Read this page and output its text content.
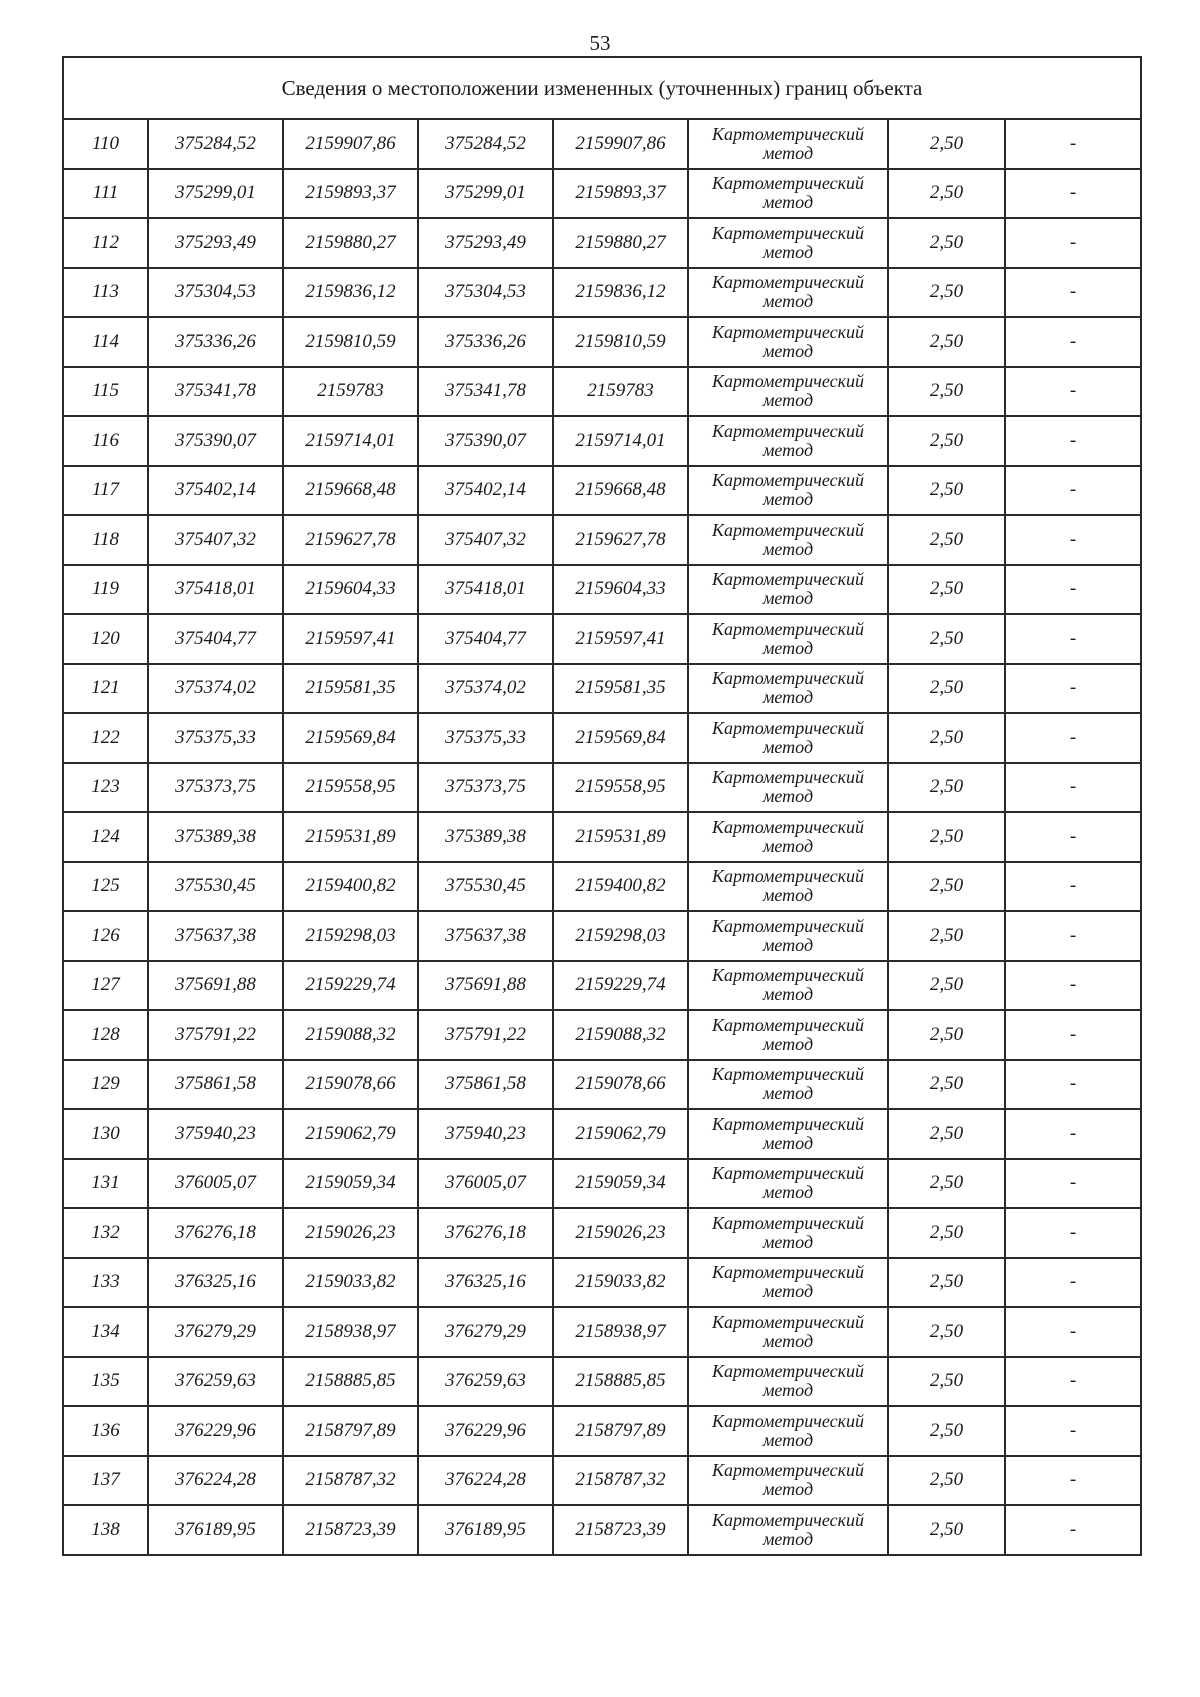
53
Сведения о местоположении измененных (уточненных) границ объекта							
110	375284,52	2159907,86	375284,52	2159907,86	Картометрический метод	2,50	-
111	375299,01	2159893,37	375299,01	2159893,37	Картометрический метод	2,50	-
112	375293,49	2159880,27	375293,49	2159880,27	Картометрический метод	2,50	-
113	375304,53	2159836,12	375304,53	2159836,12	Картометрический метод	2,50	-
114	375336,26	2159810,59	375336,26	2159810,59	Картометрический метод	2,50	-
115	375341,78	2159783	375341,78	2159783	Картометрический метод	2,50	-
116	375390,07	2159714,01	375390,07	2159714,01	Картометрический метод	2,50	-
117	375402,14	2159668,48	375402,14	2159668,48	Картометрический метод	2,50	-
118	375407,32	2159627,78	375407,32	2159627,78	Картометрический метод	2,50	-
119	375418,01	2159604,33	375418,01	2159604,33	Картометрический метод	2,50	-
120	375404,77	2159597,41	375404,77	2159597,41	Картометрический метод	2,50	-
121	375374,02	2159581,35	375374,02	2159581,35	Картометрический метод	2,50	-
122	375375,33	2159569,84	375375,33	2159569,84	Картометрический метод	2,50	-
123	375373,75	2159558,95	375373,75	2159558,95	Картометрический метод	2,50	-
124	375389,38	2159531,89	375389,38	2159531,89	Картометрический метод	2,50	-
125	375530,45	2159400,82	375530,45	2159400,82	Картометрический метод	2,50	-
126	375637,38	2159298,03	375637,38	2159298,03	Картометрический метод	2,50	-
127	375691,88	2159229,74	375691,88	2159229,74	Картометрический метод	2,50	-
128	375791,22	2159088,32	375791,22	2159088,32	Картометрический метод	2,50	-
129	375861,58	2159078,66	375861,58	2159078,66	Картометрический метод	2,50	-
130	375940,23	2159062,79	375940,23	2159062,79	Картометрический метод	2,50	-
131	376005,07	2159059,34	376005,07	2159059,34	Картометрический метод	2,50	-
132	376276,18	2159026,23	376276,18	2159026,23	Картометрический метод	2,50	-
133	376325,16	2159033,82	376325,16	2159033,82	Картометрический метод	2,50	-
134	376279,29	2158938,97	376279,29	2158938,97	Картометрический метод	2,50	-
135	376259,63	2158885,85	376259,63	2158885,85	Картометрический метод	2,50	-
136	376229,96	2158797,89	376229,96	2158797,89	Картометрический метод	2,50	-
137	376224,28	2158787,32	376224,28	2158787,32	Картометрический метод	2,50	-
138	376189,95	2158723,39	376189,95	2158723,39	Картометрический метод	2,50	-
